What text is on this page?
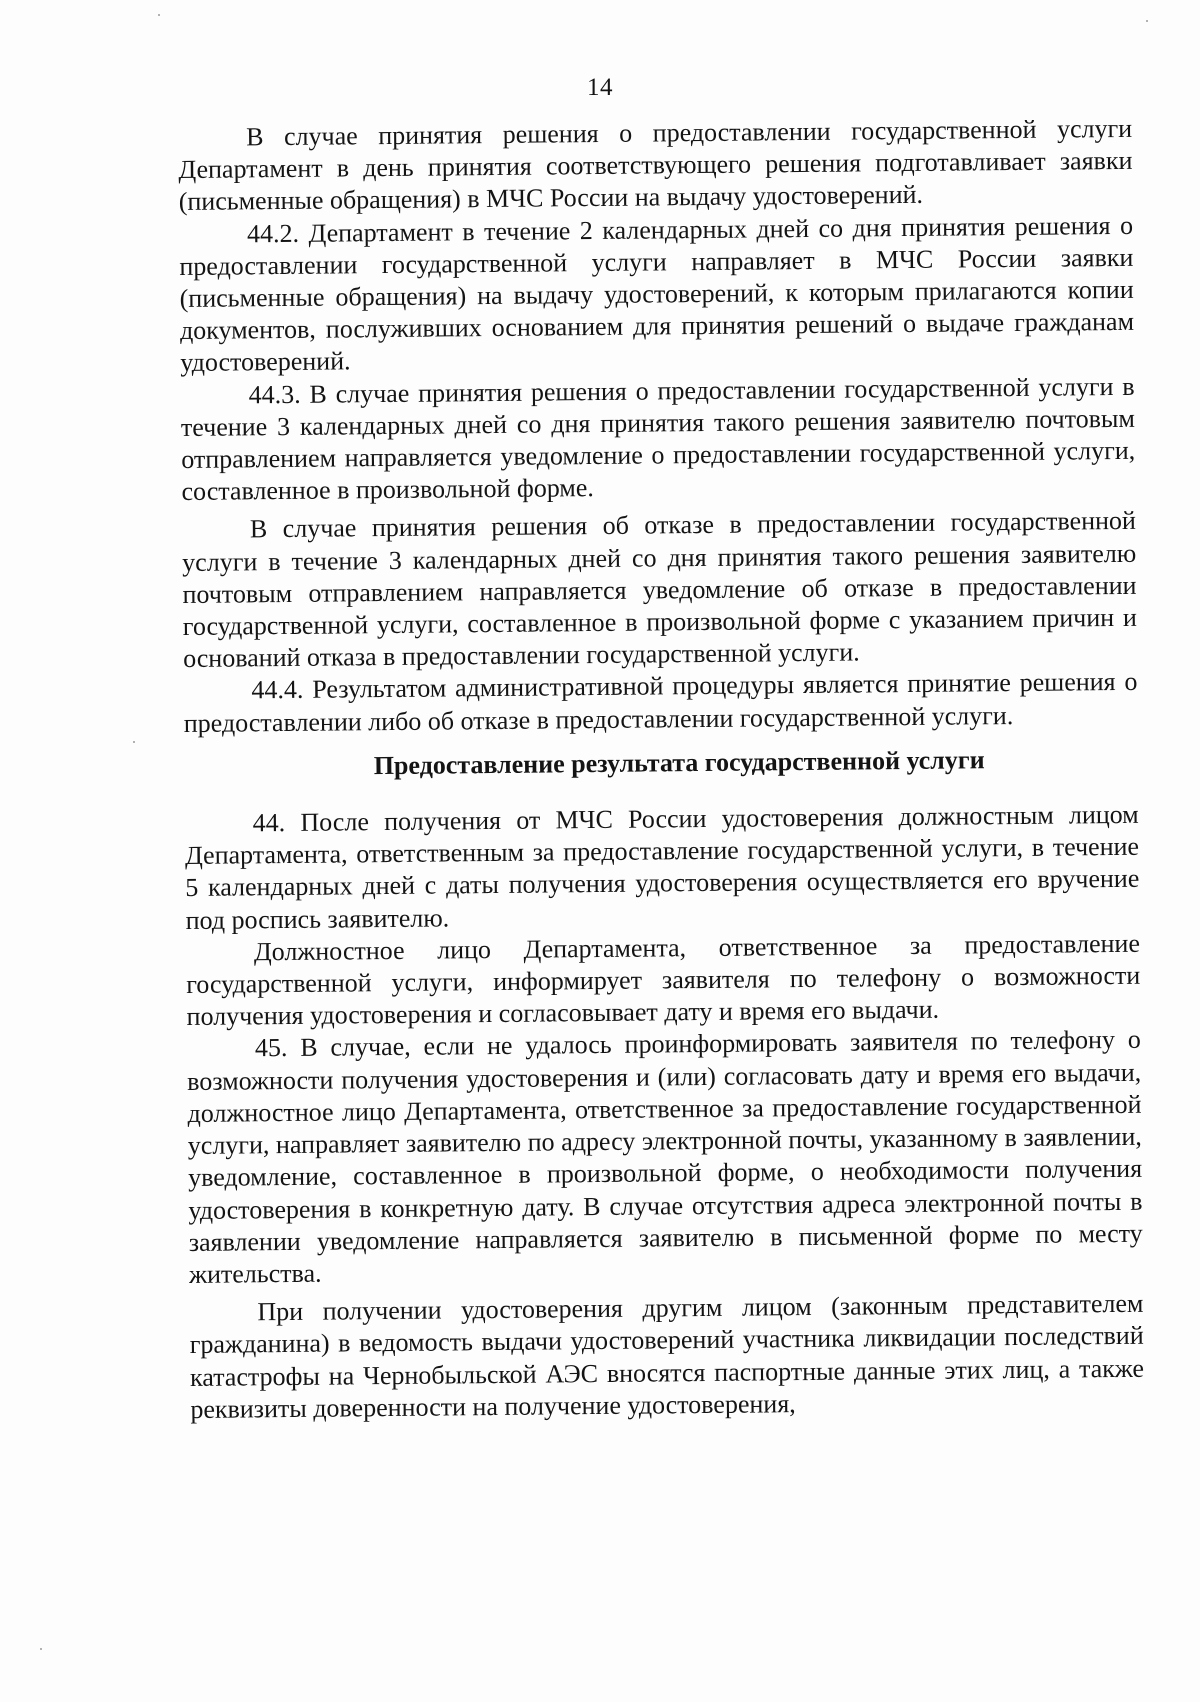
14

В случае принятия решения о предоставлении государственной услуги Департамент в день принятия соответствующего решения подготавливает заявки (письменные обращения) в МЧС России на выдачу удостоверений.

44.2. Департамент в течение 2 календарных дней со дня принятия решения о предоставлении государственной услуги направляет в МЧС России заявки (письменные обращения) на выдачу удостоверений, к которым прилагаются копии документов, послуживших основанием для принятия решений о выдаче гражданам удостоверений.

44.3. В случае принятия решения о предоставлении государственной услуги в течение 3 календарных дней со дня принятия такого решения заявителю почтовым отправлением направляется уведомление о предоставлении государственной услуги, составленное в произвольной форме.

В случае принятия решения об отказе в предоставлении государственной услуги в течение 3 календарных дней со дня принятия такого решения заявителю почтовым отправлением направляется уведомление об отказе в предоставлении государственной услуги, составленное в произвольной форме с указанием причин и оснований отказа в предоставлении государственной услуги.

44.4. Результатом административной процедуры является принятие решения о предоставлении либо об отказе в предоставлении государственной услуги.

Предоставление результата государственной услуги

44. После получения от МЧС России удостоверения должностным лицом Департамента, ответственным за предоставление государственной услуги, в течение 5 календарных дней с даты получения удостоверения осуществляется его вручение под роспись заявителю.

Должностное лицо Департамента, ответственное за предоставление государственной услуги, информирует заявителя по телефону о возможности получения удостоверения и согласовывает дату и время его выдачи.

45. В случае, если не удалось проинформировать заявителя по телефону о возможности получения удостоверения и (или) согласовать дату и время его выдачи, должностное лицо Департамента, ответственное за предоставление государственной услуги, направляет заявителю по адресу электронной почты, указанному в заявлении, уведомление, составленное в произвольной форме, о необходимости получения удостоверения в конкретную дату. В случае отсутствия адреса электронной почты в заявлении уведомление направляется заявителю в письменной форме по месту жительства.

При получении удостоверения другим лицом (законным представителем гражданина) в ведомость выдачи удостоверений участника ликвидации последствий катастрофы на Чернобыльской АЭС вносятся паспортные данные этих лиц, а также реквизиты доверенности на получение удостоверения,
